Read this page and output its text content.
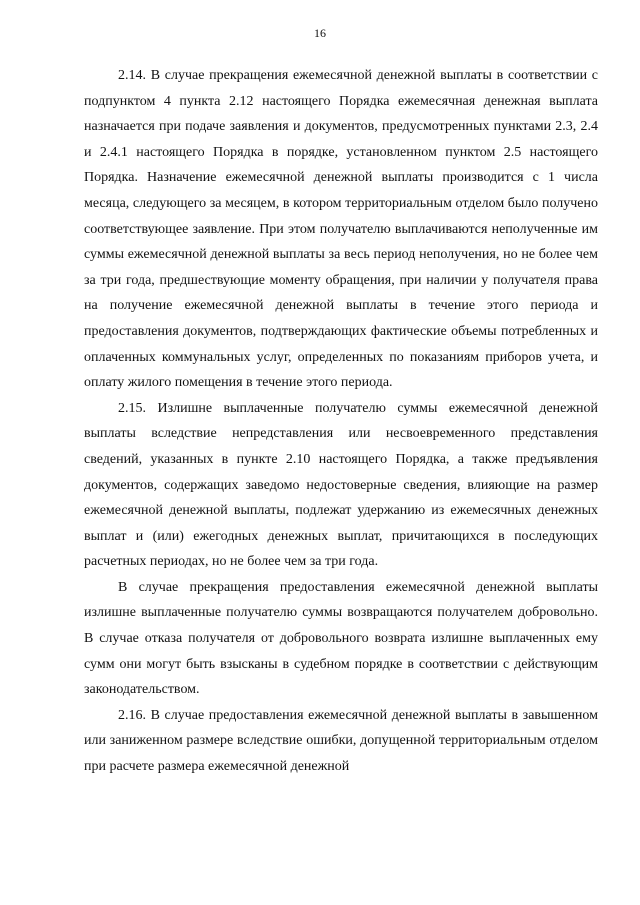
16

2.14. В случае прекращения ежемесячной денежной выплаты в соответствии с подпунктом 4 пункта 2.12 настоящего Порядка ежемесячная денежная выплата назначается при подаче заявления и документов, предусмотренных пунктами 2.3, 2.4 и 2.4.1 настоящего Порядка в порядке, установленном пунктом 2.5 настоящего Порядка. Назначение ежемесячной денежной выплаты производится с 1 числа месяца, следующего за месяцем, в котором территориальным отделом было получено соответствующее заявление. При этом получателю выплачиваются неполученные им суммы ежемесячной денежной выплаты за весь период неполучения, но не более чем за три года, предшествующие моменту обращения, при наличии у получателя права на получение ежемесячной денежной выплаты в течение этого периода и предоставления документов, подтверждающих фактические объемы потребленных и оплаченных коммунальных услуг, определенных по показаниям приборов учета, и оплату жилого помещения в течение этого периода.

2.15. Излишне выплаченные получателю суммы ежемесячной денежной выплаты вследствие непредставления или несвоевременного представления сведений, указанных в пункте 2.10 настоящего Порядка, а также предъявления документов, содержащих заведомо недостоверные сведения, влияющие на размер ежемесячной денежной выплаты, подлежат удержанию из ежемесячных денежных выплат и (или) ежегодных денежных выплат, причитающихся в последующих расчетных периодах, но не более чем за три года.

В случае прекращения предоставления ежемесячной денежной выплаты излишне выплаченные получателю суммы возвращаются получателем добровольно. В случае отказа получателя от добровольного возврата излишне выплаченных ему сумм они могут быть взысканы в судебном порядке в соответствии с действующим законодательством.

2.16. В случае предоставления ежемесячной денежной выплаты в завышенном или заниженном размере вследствие ошибки, допущенной территориальным отделом при расчете размера ежемесячной денежной
